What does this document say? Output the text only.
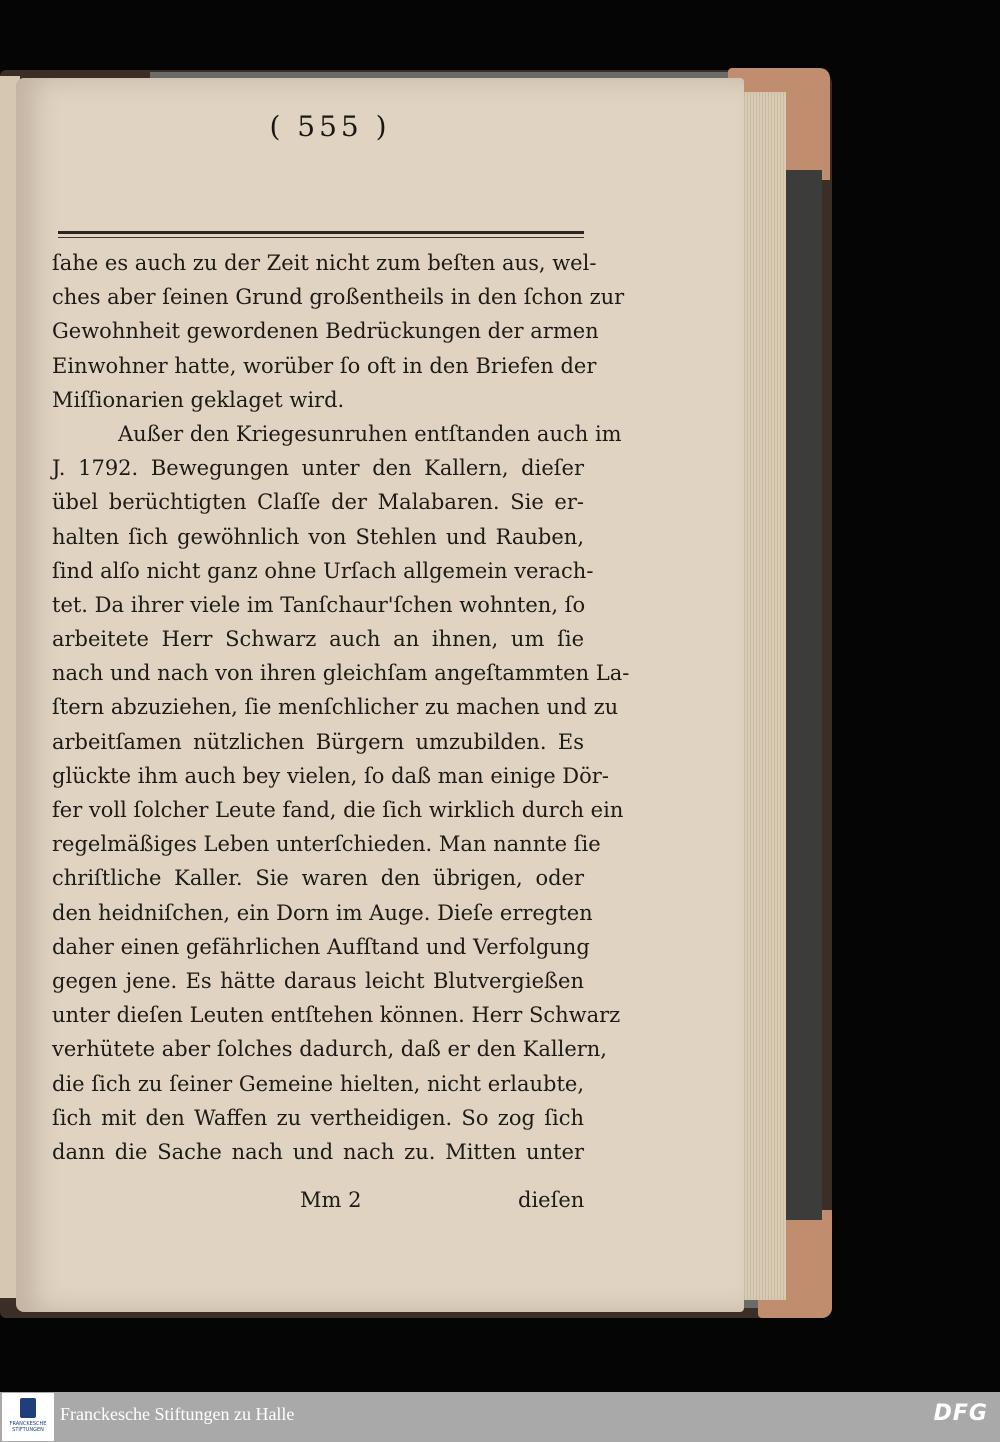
( 555 )
ſahe es auch zu der Zeit nicht zum beſten aus, wel-
ches aber ſeinen Grund großentheils in den ſchon zur
Gewohnheit gewordenen Bedrückungen der armen
Einwohner hatte, worüber ſo oft in den Briefen der
Miſſionarien geklaget wird.
Außer den Kriegesunruhen entſtanden auch im
J. 1792. Bewegungen unter den Kallern, dieſer
übel berüchtigten Claſſe der Malabaren. Sie er-
halten ſich gewöhnlich von Stehlen und Rauben,
ſind alſo nicht ganz ohne Urſach allgemein verach-
tet. Da ihrer viele im Tanſchaur'ſchen wohnten, ſo
arbeitete Herr Schwarz auch an ihnen, um ſie
nach und nach von ihren gleichſam angeſtammten La-
ſtern abzuziehen, ſie menſchlicher zu machen und zu
arbeitſamen nützlichen Bürgern umzubilden. Es
glückte ihm auch bey vielen, ſo daß man einige Dör-
fer voll ſolcher Leute fand, die ſich wirklich durch ein
regelmäßiges Leben unterſchieden. Man nannte ſie
chriſtliche Kaller. Sie waren den übrigen, oder
den heidniſchen, ein Dorn im Auge. Dieſe erregten
daher einen gefährlichen Aufſtand und Verfolgung
gegen jene. Es hätte daraus leicht Blutvergießen
unter dieſen Leuten entſtehen können. Herr Schwarz
verhütete aber ſolches dadurch, daß er den Kallern,
die ſich zu ſeiner Gemeine hielten, nicht erlaubte,
ſich mit den Waffen zu vertheidigen. So zog ſich
dann die Sache nach und nach zu. Mitten unter
Mm 2	dieſen
FRANCKESCHE STIFTUNGEN
Franckesche Stiftungen zu Halle	DFG
